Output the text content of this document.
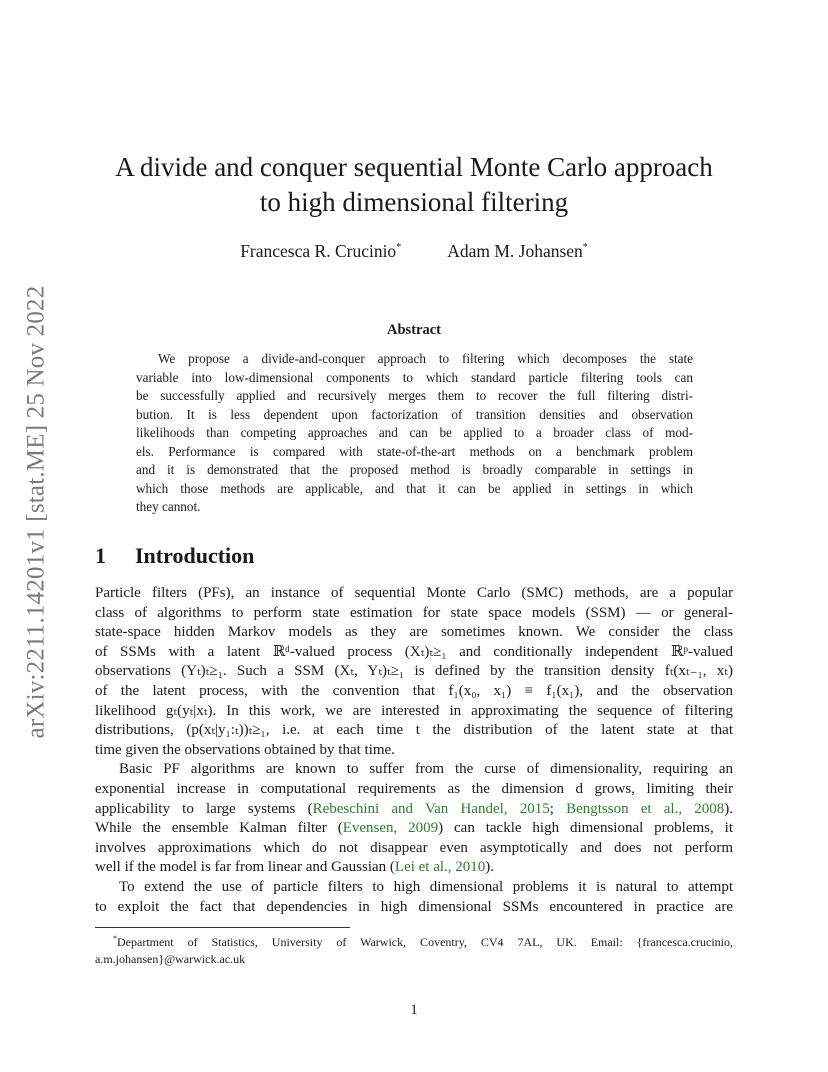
arXiv:2211.14201v1 [stat.ME] 25 Nov 2022
A divide and conquer sequential Monte Carlo approach
to high dimensional filtering
Francesca R. Crucinio*	Adam M. Johansen*
Abstract
We propose a divide-and-conquer approach to filtering which decomposes the state
variable into low-dimensional components to which standard particle filtering tools can
be successfully applied and recursively merges them to recover the full filtering distri-
bution. It is less dependent upon factorization of transition densities and observation
likelihoods than competing approaches and can be applied to a broader class of mod-
els. Performance is compared with state-of-the-art methods on a benchmark problem
and it is demonstrated that the proposed method is broadly comparable in settings in
which those methods are applicable, and that it can be applied in settings in which
they cannot.
1 Introduction
Particle filters (PFs), an instance of sequential Monte Carlo (SMC) methods, are a popular
class of algorithms to perform state estimation for state space models (SSM) — or general-
state-space hidden Markov models as they are sometimes known. We consider the class
of SSMs with a latent ℝᵈ-valued process (Xₜ)ₜ≥₁ and conditionally independent ℝᵖ-valued
observations (Yₜ)ₜ≥₁. Such a SSM (Xₜ, Yₜ)ₜ≥₁ is defined by the transition density fₜ(xₜ₋₁, xₜ)
of the latent process, with the convention that f₁(x₀, x₁) ≡ f₁(x₁), and the observation
likelihood gₜ(yₜ|xₜ). In this work, we are interested in approximating the sequence of filtering
distributions, (p(xₜ|y₁:ₜ))ₜ≥₁, i.e. at each time t the distribution of the latent state at that
time given the observations obtained by that time.
Basic PF algorithms are known to suffer from the curse of dimensionality, requiring an
exponential increase in computational requirements as the dimension d grows, limiting their
applicability to large systems (Rebeschini and Van Handel, 2015; Bengtsson et al., 2008).
While the ensemble Kalman filter (Evensen, 2009) can tackle high dimensional problems, it
involves approximations which do not disappear even asymptotically and does not perform
well if the model is far from linear and Gaussian (Lei et al., 2010).
To extend the use of particle filters to high dimensional problems it is natural to attempt
to exploit the fact that dependencies in high dimensional SSMs encountered in practice are
*Department of Statistics, University of Warwick, Coventry, CV4 7AL, UK. Email: {francesca.crucinio,
a.m.johansen}@warwick.ac.uk
1
